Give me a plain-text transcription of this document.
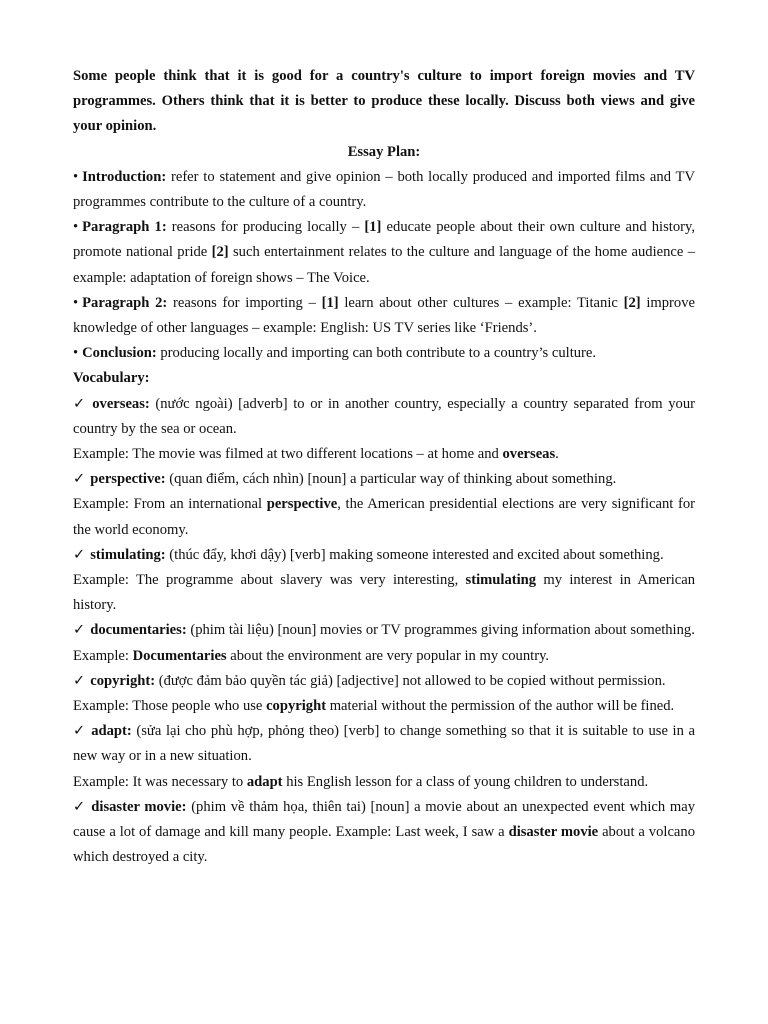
Some people think that it is good for a country's culture to import foreign movies and TV programmes. Others think that it is better to produce these locally. Discuss both views and give your opinion.

Essay Plan:

• Introduction: refer to statement and give opinion – both locally produced and imported films and TV programmes contribute to the culture of a country.

• Paragraph 1: reasons for producing locally – [1] educate people about their own culture and history, promote national pride [2] such entertainment relates to the culture and language of the home audience – example: adaptation of foreign shows – The Voice.

• Paragraph 2: reasons for importing – [1] learn about other cultures – example: Titanic [2] improve knowledge of other languages – example: English: US TV series like ‘Friends’.

• Conclusion: producing locally and importing can both contribute to a country’s culture.

Vocabulary:

✓ overseas: (nước ngoài) [adverb] to or in another country, especially a country separated from your country by the sea or ocean.

Example: The movie was filmed at two different locations – at home and overseas.

✓ perspective: (quan điểm, cách nhìn) [noun] a particular way of thinking about something.

Example: From an international perspective, the American presidential elections are very significant for the world economy.

✓ stimulating: (thúc đẩy, khơi dậy) [verb] making someone interested and excited about something.

Example: The programme about slavery was very interesting, stimulating my interest in American history.

✓ documentaries: (phim tài liệu) [noun] movies or TV programmes giving information about something.

Example: Documentaries about the environment are very popular in my country.

✓ copyright: (được đảm bảo quyền tác giả) [adjective] not allowed to be copied without permission.

Example: Those people who use copyright material without the permission of the author will be fined.

✓ adapt: (sửa lại cho phù hợp, phỏng theo) [verb] to change something so that it is suitable to use in a new way or in a new situation.

Example: It was necessary to adapt his English lesson for a class of young children to understand.

✓ disaster movie: (phim về thảm họa, thiên tai) [noun] a movie about an unexpected event which may cause a lot of damage and kill many people. Example: Last week, I saw a disaster movie about a volcano which destroyed a city.
